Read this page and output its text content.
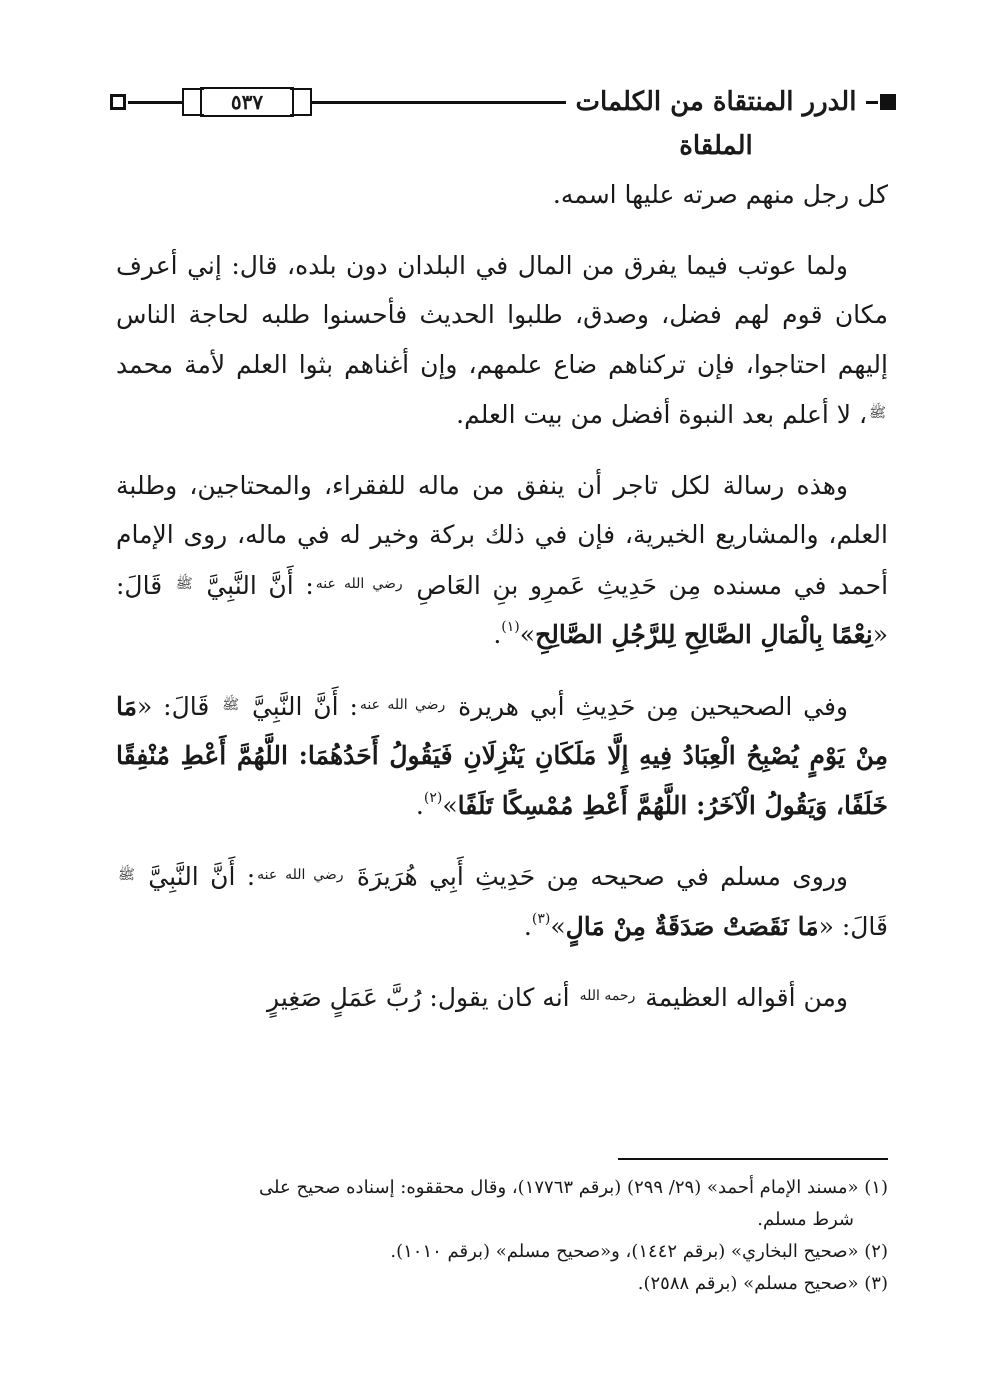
٥٣٧	الدرر المنتقاة من الكلمات الملقاة

كل رجل منهم صرته عليها اسمه.

ولما عوتب فيما يفرق من المال في البلدان دون بلده، قال: إني أعرف مكان قوم لهم فضل، وصدق، طلبوا الحديث فأحسنوا طلبه لحاجة الناس إليهم احتاجوا، فإن تركناهم ضاع علمهم، وإن أغناهم بثوا العلم لأمة محمد $^ﷺ$، لا أعلم بعد النبوة أفضل من بيت العلم.

وهذه رسالة لكل تاجر أن ينفق من ماله للفقراء، والمحتاجين، وطلبة العلم، والمشاريع الخيرية، فإن في ذلك بركة وخير له في ماله، روى الإمام أحمد في مسنده مِن حَدِيثِ عَمرِو بنِ العَاصِ $^{رضي الله عنه}$: أَنَّ النَّبِيَّ $^ﷺ$ قَالَ: «نِعْمًا بِالْمَالِ الصَّالِحِ لِلرَّجُلِ الصَّالِحِ»$^{(١)}$.

وفي الصحيحين مِن حَدِيثِ أبي هريرة $^{رضي الله عنه}$: أَنَّ النَّبِيَّ $^ﷺ$ قَالَ: «مَا مِنْ يَوْمٍ يُصْبِحُ الْعِبَادُ فِيهِ إِلَّا مَلَكَانِ يَنْزِلَانِ فَيَقُولُ أَحَدُهُمَا: اللَّهُمَّ أَعْطِ مُنْفِقًا خَلَفًا، وَيَقُولُ الْآخَرُ: اللَّهُمَّ أَعْطِ مُمْسِكًا تَلَفًا»$^{(٢)}$.

وروى مسلم في صحيحه مِن حَدِيثِ أَبِي هُرَيرَةَ $^{رضي الله عنه}$: أَنَّ النَّبِيَّ $^ﷺ$ قَالَ: «مَا نَقَصَتْ صَدَقَةٌ مِنْ مَالٍ»$^{(٣)}$.

ومن أقواله العظيمة $^{رحمه الله}$ أنه كان يقول: رُبَّ عَمَلٍ صَغِيرٍ

(١) «مسند الإمام أحمد» (٢٩/ ٢٩٩) (برقم ١٧٧٦٣)، وقال محققوه: إسناده صحيح على
شرط مسلم.
(٢) «صحيح البخاري» (برقم ١٤٤٢)، و«صحيح مسلم» (برقم ١٠١٠).
(٣) «صحيح مسلم» (برقم ٢٥٨٨).
